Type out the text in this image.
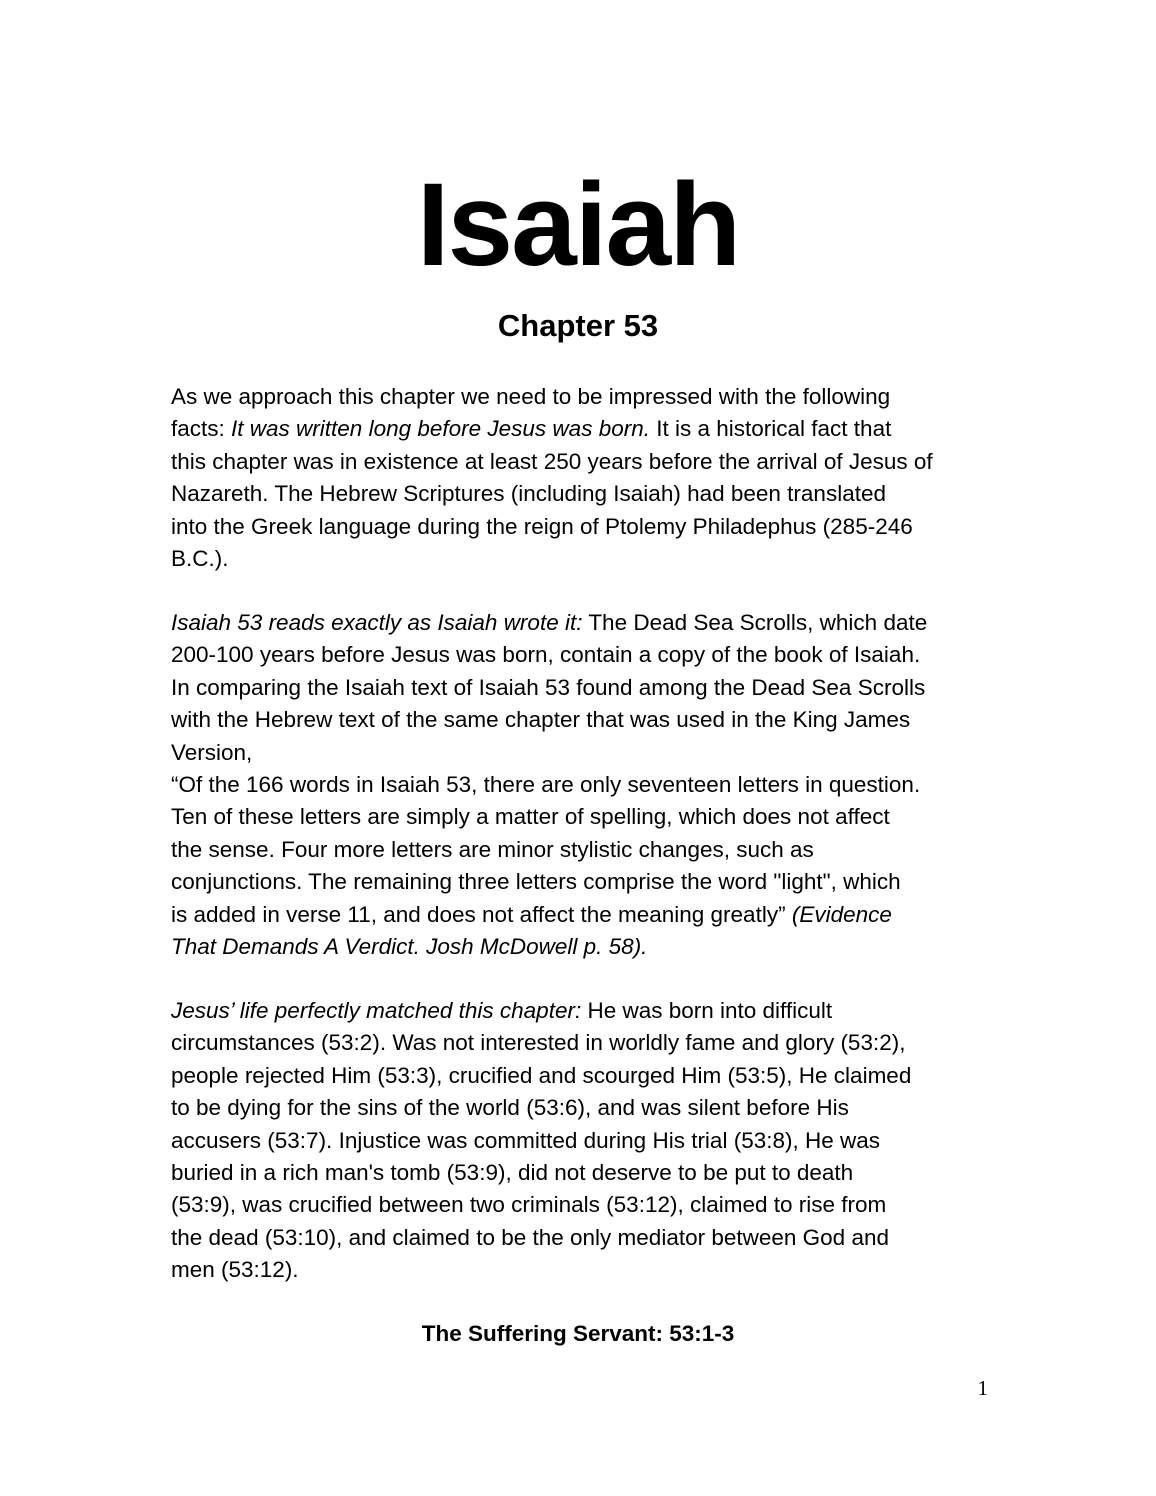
Isaiah
Chapter 53
As we approach this chapter we need to be impressed with the following
facts: It was written long before Jesus was born. It is a historical fact that
this chapter was in existence at least 250 years before the arrival of Jesus of
Nazareth. The Hebrew Scriptures (including Isaiah) had been translated
into the Greek language during the reign of Ptolemy Philadephus (285-246
B.C.).
Isaiah 53 reads exactly as Isaiah wrote it: The Dead Sea Scrolls, which date
200-100 years before Jesus was born, contain a copy of the book of Isaiah.
In comparing the Isaiah text of Isaiah 53 found among the Dead Sea Scrolls
with the Hebrew text of the same chapter that was used in the King James
Version,
“Of the 166 words in Isaiah 53, there are only seventeen letters in question.
Ten of these letters are simply a matter of spelling, which does not affect
the sense. Four more letters are minor stylistic changes, such as
conjunctions. The remaining three letters comprise the word "light", which
is added in verse 11, and does not affect the meaning greatly” (Evidence
That Demands A Verdict. Josh McDowell p. 58).
Jesus’ life perfectly matched this chapter: He was born into difficult
circumstances (53:2). Was not interested in worldly fame and glory (53:2),
people rejected Him (53:3), crucified and scourged Him (53:5), He claimed
to be dying for the sins of the world (53:6), and was silent before His
accusers (53:7). Injustice was committed during His trial (53:8), He was
buried in a rich man's tomb (53:9), did not deserve to be put to death
(53:9), was crucified between two criminals (53:12), claimed to rise from
the dead (53:10), and claimed to be the only mediator between God and
men (53:12).
The Suffering Servant: 53:1-3
1
